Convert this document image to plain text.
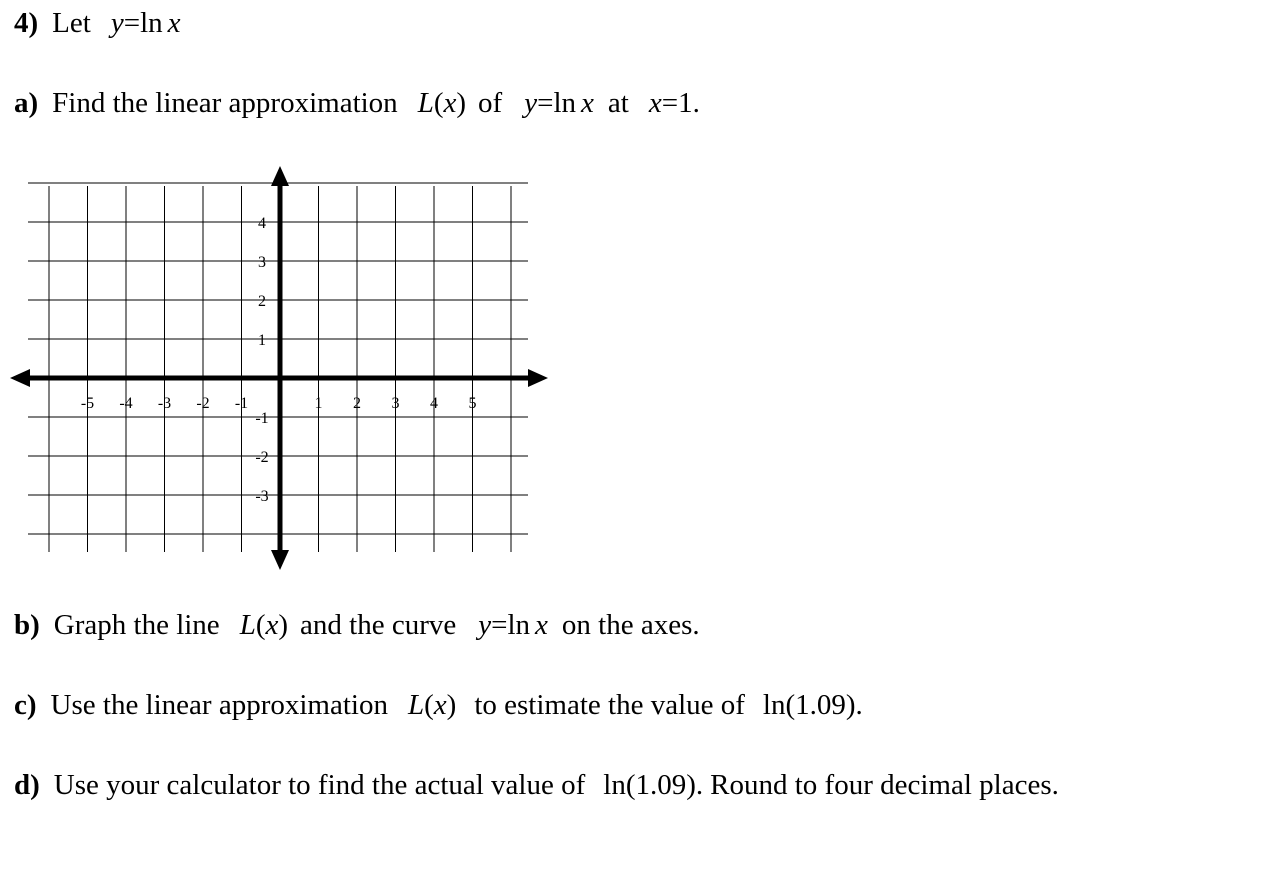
4) Let y=ln x
a) Find the linear approximation L(x) of y=ln x at x=1.
-5 -4 -3 -2 -1	1 2 3 4 5
4
3
2
1
-1
-2
-3
b) Graph the line L(x) and the curve y=ln x on the axes.
c) Use the linear approximation L(x) to estimate the value of ln(1.09).
d) Use your calculator to find the actual value of ln(1.09). Round to four decimal places.
